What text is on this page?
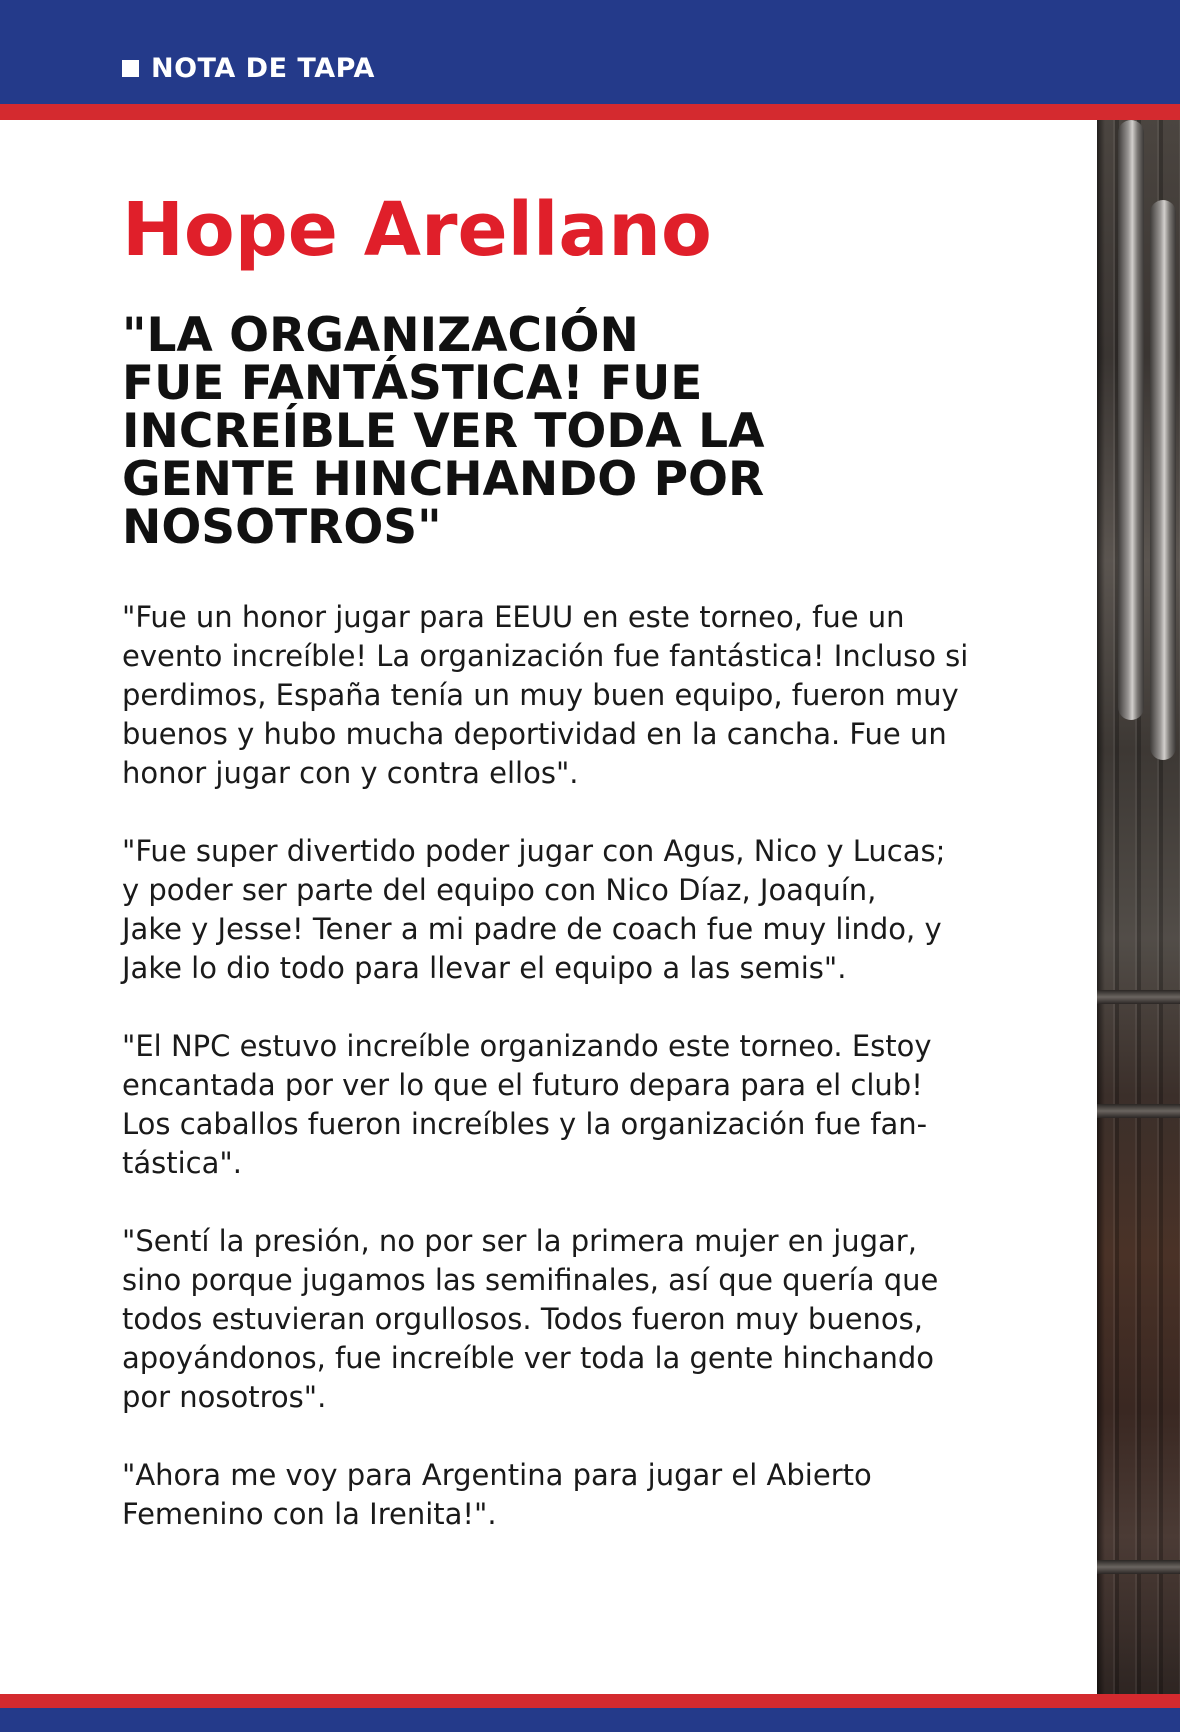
NOTA DE TAPA
Hope Arellano
"LA ORGANIZACIÓN
FUE FANTÁSTICA! FUE
INCREÍBLE VER TODA LA
GENTE HINCHANDO POR
NOSOTROS"

"Fue un honor jugar para EEUU en este torneo, fue un
evento increíble! La organización fue fantástica! Incluso si
perdimos, España tenía un muy buen equipo, fueron muy
buenos y hubo mucha deportividad en la cancha. Fue un
honor jugar con y contra ellos".

"Fue super divertido poder jugar con Agus, Nico y Lucas;
y poder ser parte del equipo con Nico Díaz, Joaquín,
Jake y Jesse! Tener a mi padre de coach fue muy lindo, y
Jake lo dio todo para llevar el equipo a las semis".

"El NPC estuvo increíble organizando este torneo. Estoy
encantada por ver lo que el futuro depara para el club!
Los caballos fueron increíbles y la organización fue fan-
tástica".

"Sentí la presión, no por ser la primera mujer en jugar,
sino porque jugamos las semifinales, así que quería que
todos estuvieran orgullosos. Todos fueron muy buenos,
apoyándonos, fue increíble ver toda la gente hinchando
por nosotros".

"Ahora me voy para Argentina para jugar el Abierto
Femenino con la Irenita!".
